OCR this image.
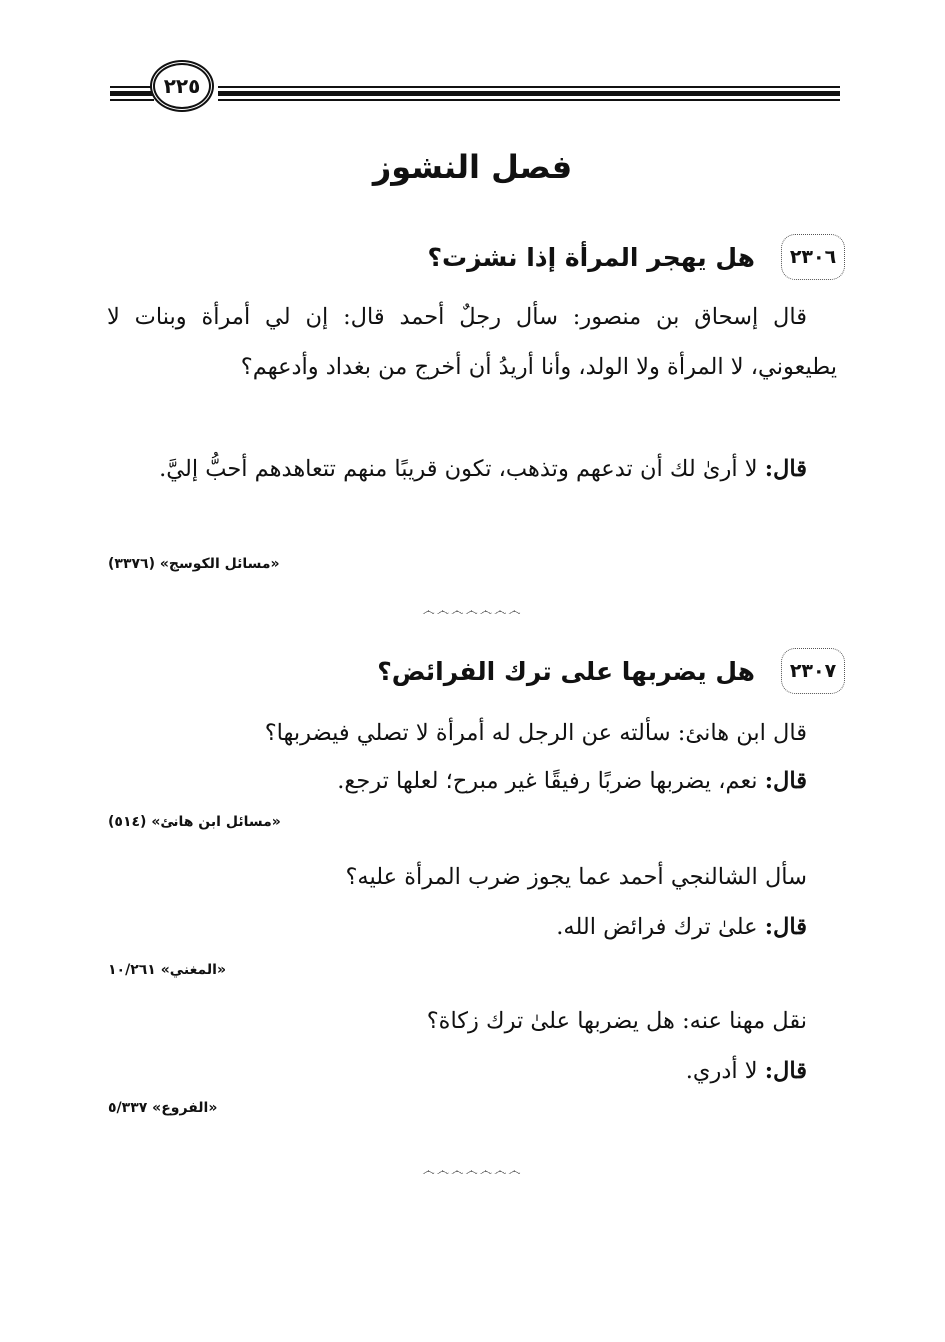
٢٢٥
فصل النشوز
٢٣٠٦
هل يهجر المرأة إذا نشزت؟
قال إسحاق بن منصور: سأل رجلٌ أحمد قال: إن لي أمرأة وبنات لا يطيعوني، لا المرأة ولا الولد، وأنا أريدُ أن أخرج من بغداد وأدعهم؟
قال: لا أرىٰ لك أن تدعهم وتذهب، تكون قريبًا منهم تتعاهدهم أحبُّ إليَّ.
«مسائل الكوسج» (٣٣٧٦)
෴෴෴෴෴෴෴
٢٣٠٧
هل يضربها على ترك الفرائض؟
قال ابن هانئ: سألته عن الرجل له أمرأة لا تصلي فيضربها؟
قال: نعم، يضربها ضربًا رفيقًا غير مبرح؛ لعلها ترجع.
«مسائل ابن هانئ» (٥١٤)
سأل الشالنجي أحمد عما يجوز ضرب المرأة عليه؟
قال: علىٰ ترك فرائض الله.
«المغني» ١٠/٢٦١
نقل مهنا عنه: هل يضربها علىٰ ترك زكاة؟
قال: لا أدري.
«الفروع» ٥/٣٣٧
෴෴෴෴෴෴෴
